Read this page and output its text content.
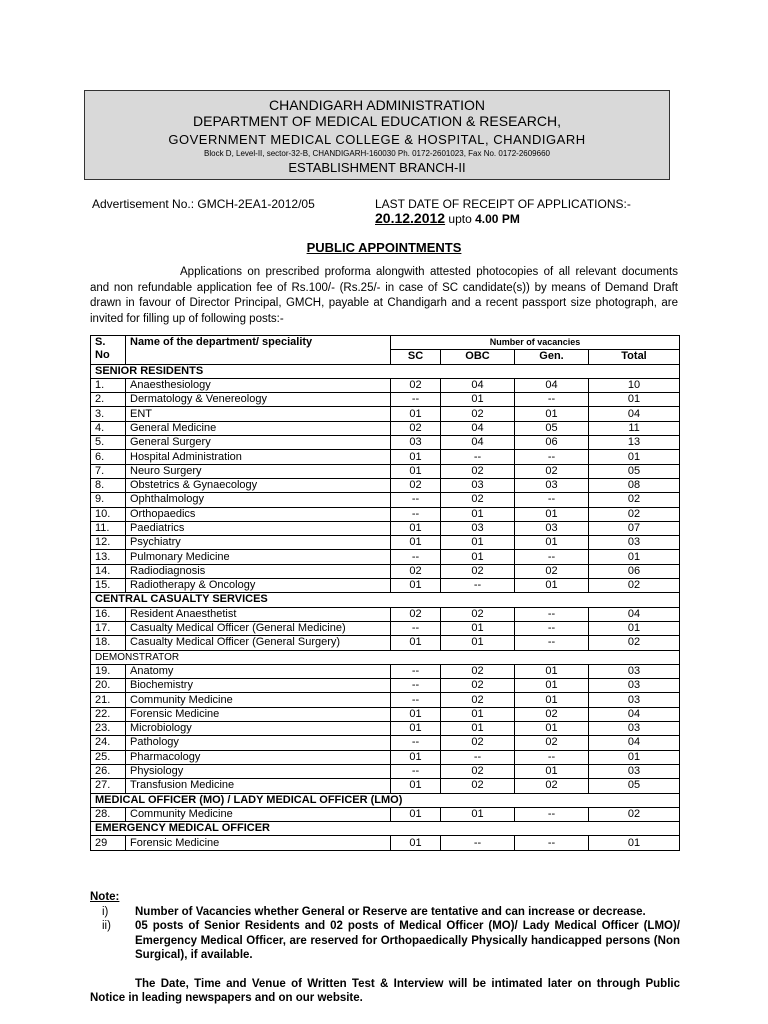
CHANDIGARH ADMINISTRATION
DEPARTMENT OF MEDICAL EDUCATION & RESEARCH,
GOVERNMENT MEDICAL COLLEGE & HOSPITAL, CHANDIGARH
Block D, Level-II, sector-32-B, CHANDIGARH-160030 Ph. 0172-2601023, Fax No. 0172-2609660
ESTABLISHMENT BRANCH-II
Advertisement No.: GMCH-2EA1-2012/05	LAST DATE OF RECEIPT OF APPLICATIONS:-
20.12.2012 upto 4.00 PM
PUBLIC APPOINTMENTS
Applications on prescribed proforma alongwith attested photocopies of all relevant documents and non refundable application fee of Rs.100/- (Rs.25/- in case of SC candidate(s)) by means of Demand Draft drawn in favour of Director Principal, GMCH, payable at Chandigarh and a recent passport size photograph, are invited for filling up of following posts:-
S. No	Name of the department/ speciality	Number of vacancies			
		SC	OBC	Gen.	Total
SENIOR RESIDENTS					
1.	Anaesthesiology	02	04	04	10
2.	Dermatology & Venereology	--	01	--	01
3.	ENT	01	02	01	04
4.	General Medicine	02	04	05	11
5.	General Surgery	03	04	06	13
6.	Hospital Administration	01	--	--	01
7.	Neuro Surgery	01	02	02	05
8.	Obstetrics & Gynaecology	02	03	03	08
9.	Ophthalmology	--	02	--	02
10.	Orthopaedics	--	01	01	02
11.	Paediatrics	01	03	03	07
12.	Psychiatry	01	01	01	03
13.	Pulmonary Medicine	--	01	--	01
14.	Radiodiagnosis	02	02	02	06
15.	Radiotherapy & Oncology	01	--	01	02
CENTRAL CASUALTY SERVICES					
16.	Resident Anaesthetist	02	02	--	04
17.	Casualty Medical Officer (General Medicine)	--	01	--	01
18.	Casualty Medical Officer (General Surgery)	01	01	--	02
DEMONSTRATOR					
19.	Anatomy	--	02	01	03
20.	Biochemistry	--	02	01	03
21.	Community Medicine	--	02	01	03
22.	Forensic Medicine	01	01	02	04
23.	Microbiology	01	01	01	03
24.	Pathology	--	02	02	04
25.	Pharmacology	01	--	--	01
26.	Physiology	--	02	01	03
27.	Transfusion Medicine	01	02	02	05
MEDICAL OFFICER (MO) / LADY MEDICAL OFFICER (LMO)					
28.	Community Medicine	01	01	--	02
EMERGENCY MEDICAL OFFICER					
29	Forensic Medicine	01	--	--	01
Note:
i) Number of Vacancies whether General or Reserve are tentative and can increase or decrease.
ii) 05 posts of Senior Residents and 02 posts of Medical Officer (MO)/ Lady Medical Officer (LMO)/ Emergency Medical Officer, are reserved for Orthopaedically Physically handicapped persons (Non Surgical), if available.
The Date, Time and Venue of Written Test & Interview will be intimated later on through Public Notice in leading newspapers and on our website.
